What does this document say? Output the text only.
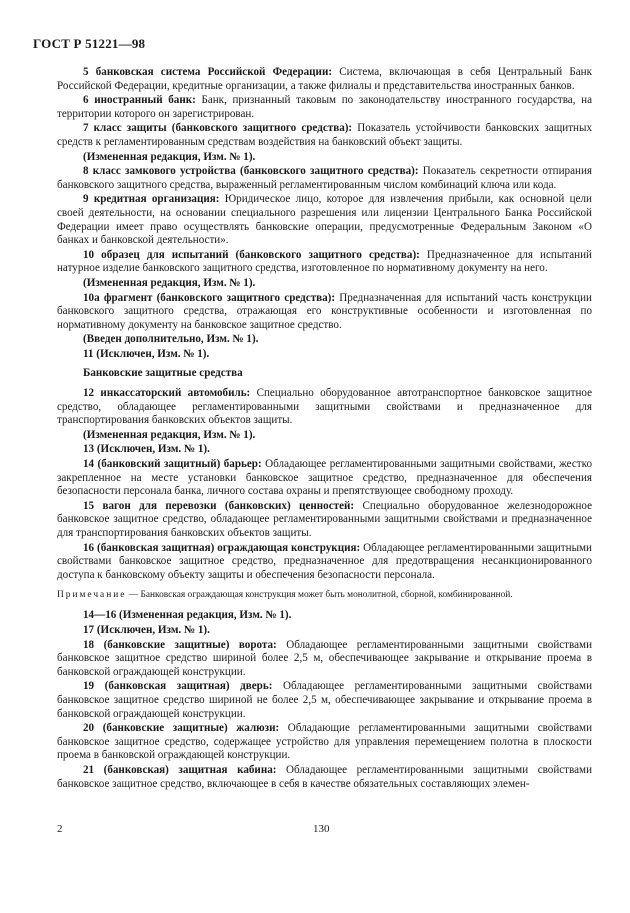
ГОСТ Р 51221—98
5 банковская система Российской Федерации: Система, включающая в себя Центральный Банк Российской Федерации, кредитные организации, а также филиалы и представительства иностранных банков.
6 иностранный банк: Банк, признанный таковым по законодательству иностранного государства, на территории которого он зарегистрирован.
7 класс защиты (банковского защитного средства): Показатель устойчивости банковских защитных средств к регламентированным средствам воздействия на банковский объект защиты.
(Измененная редакция, Изм. № 1).
8 класс замкового устройства (банковского защитного средства): Показатель секретности отпирания банковского защитного средства, выраженный регламентированным числом комбинаций ключа или кода.
9 кредитная организация: Юридическое лицо, которое для извлечения прибыли, как основной цели своей деятельности, на основании специального разрешения или лицензии Центрального Банка Российской Федерации имеет право осуществлять банковские операции, предусмотренные Федеральным Законом «О банках и банковской деятельности».
10 образец для испытаний (банковского защитного средства): Предназначенное для испытаний натурное изделие банковского защитного средства, изготовленное по нормативному документу на него.
(Измененная редакция, Изм. № 1).
10а фрагмент (банковского защитного средства): Предназначенная для испытаний часть конструкции банковского защитного средства, отражающая его конструктивные особенности и изготовленная по нормативному документу на банковское защитное средство.
(Введен дополнительно, Изм. № 1).
11 (Исключен, Изм. № 1).
Банковские защитные средства
12 инкассаторский автомобиль: Специально оборудованное автотранспортное банковское защитное средство, обладающее регламентированными защитными свойствами и предназначенное для транспортирования банковских объектов защиты.
(Измененная редакция, Изм. № 1).
13 (Исключен, Изм. № 1).
14 (банковский защитный) барьер: Обладающее регламентированными защитными свойствами, жестко закрепленное на месте установки банковское защитное средство, предназначенное для обеспечения безопасности персонала банка, личного состава охраны и препятствующее свободному проходу.
15 вагон для перевозки (банковских) ценностей: Специально оборудованное железнодорожное банковское защитное средство, обладающее регламентированными защитными свойствами и предназначенное для транспортирования банковских объектов защиты.
16 (банковская защитная) ограждающая конструкция: Обладающее регламентированными защитными свойствами банковское защитное средство, предназначенное для предотвращения несанкционированного доступа к банковскому объекту защиты и обеспечения безопасности персонала.
Примечание — Банковская ограждающая конструкция может быть монолитной, сборной, комбинированной.
14—16 (Измененная редакция, Изм. № 1).
17 (Исключен, Изм. № 1).
18 (банковские защитные) ворота: Обладающее регламентированными защитными свойствами банковское защитное средство шириной более 2,5 м, обеспечивающее закрывание и открывание проема в банковской ограждающей конструкции.
19 (банковская защитная) дверь: Обладающее регламентированными защитными свойствами банковское защитное средство шириной не более 2,5 м, обеспечивающее закрывание и открывание проема в банковской ограждающей конструкции.
20 (банковские защитные) жалюзи: Обладающие регламентированными защитными свойствами банковское защитное средство, содержащее устройство для управления перемещением полотна в плоскости проема в банковской ограждающей конструкции.
21 (банковская) защитная кабина: Обладающее регламентированными защитными свойствами банковское защитное средство, включающее в себя в качестве обязательных составляющих элемен-
2	130
